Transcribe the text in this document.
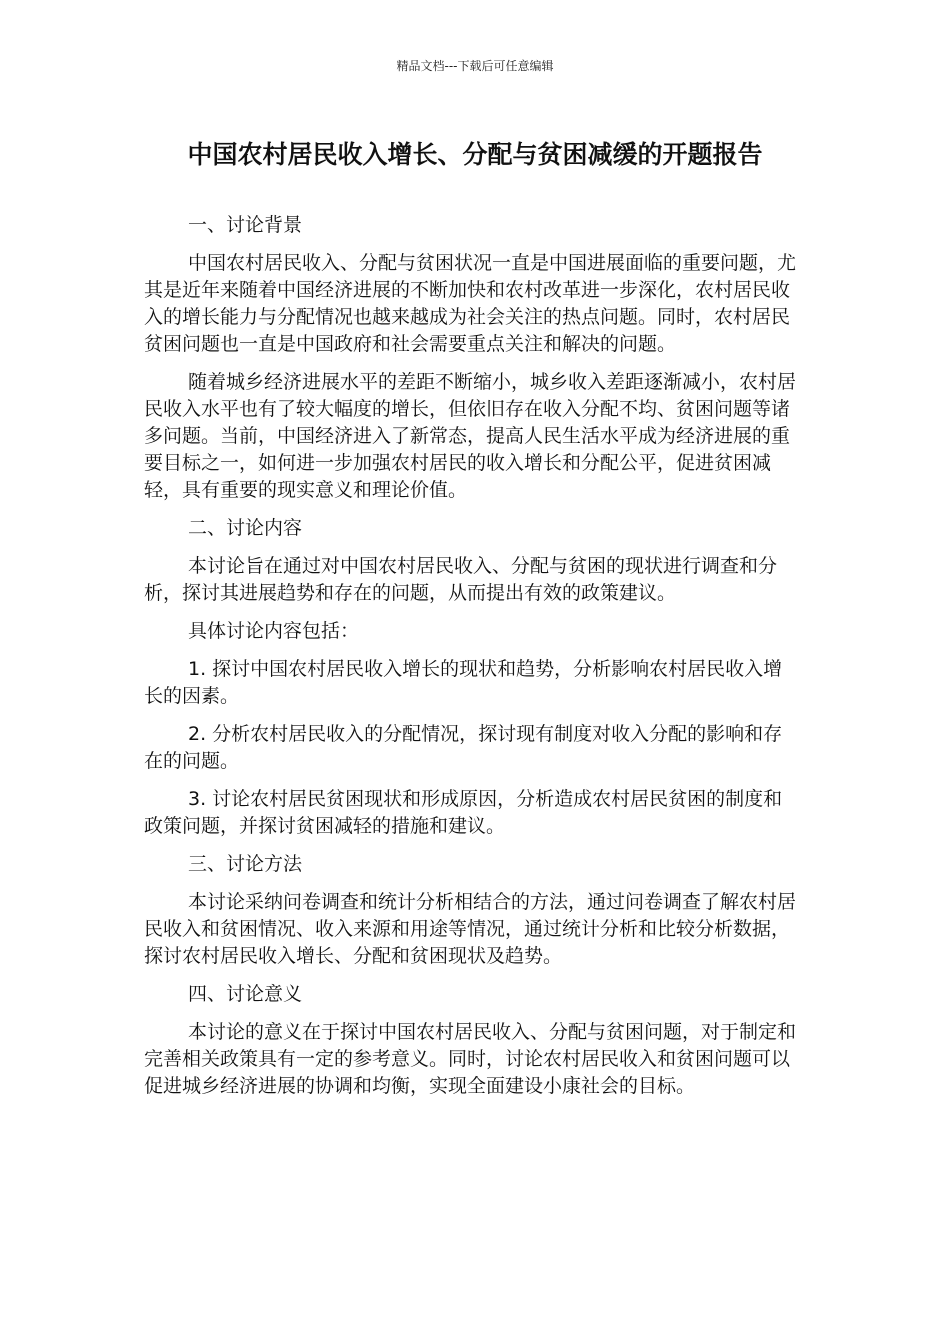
精品文档---下载后可任意编辑
中国农村居民收入增长、分配与贫困减缓的开题报告

一、讨论背景

中国农村居民收入、分配与贫困状况一直是中国进展面临的重要问题，尤其是近年来随着中国经济进展的不断加快和农村改革进一步深化，农村居民收入的增长能力与分配情况也越来越成为社会关注的热点问题。同时，农村居民贫困问题也一直是中国政府和社会需要重点关注和解决的问题。

随着城乡经济进展水平的差距不断缩小，城乡收入差距逐渐减小，农村居民收入水平也有了较大幅度的增长，但依旧存在收入分配不均、贫困问题等诸多问题。当前，中国经济进入了新常态，提高人民生活水平成为经济进展的重要目标之一，如何进一步加强农村居民的收入增长和分配公平，促进贫困减轻，具有重要的现实意义和理论价值。

二、讨论内容

本讨论旨在通过对中国农村居民收入、分配与贫困的现状进行调查和分析，探讨其进展趋势和存在的问题，从而提出有效的政策建议。

具体讨论内容包括：

1. 探讨中国农村居民收入增长的现状和趋势，分析影响农村居民收入增长的因素。

2. 分析农村居民收入的分配情况，探讨现有制度对收入分配的影响和存在的问题。

3. 讨论农村居民贫困现状和形成原因，分析造成农村居民贫困的制度和政策问题，并探讨贫困减轻的措施和建议。

三、讨论方法

本讨论采纳问卷调查和统计分析相结合的方法，通过问卷调查了解农村居民收入和贫困情况、收入来源和用途等情况，通过统计分析和比较分析数据，探讨农村居民收入增长、分配和贫困现状及趋势。

四、讨论意义

本讨论的意义在于探讨中国农村居民收入、分配与贫困问题，对于制定和完善相关政策具有一定的参考意义。同时，讨论农村居民收入和贫困问题可以促进城乡经济进展的协调和均衡，实现全面建设小康社会的目标。
